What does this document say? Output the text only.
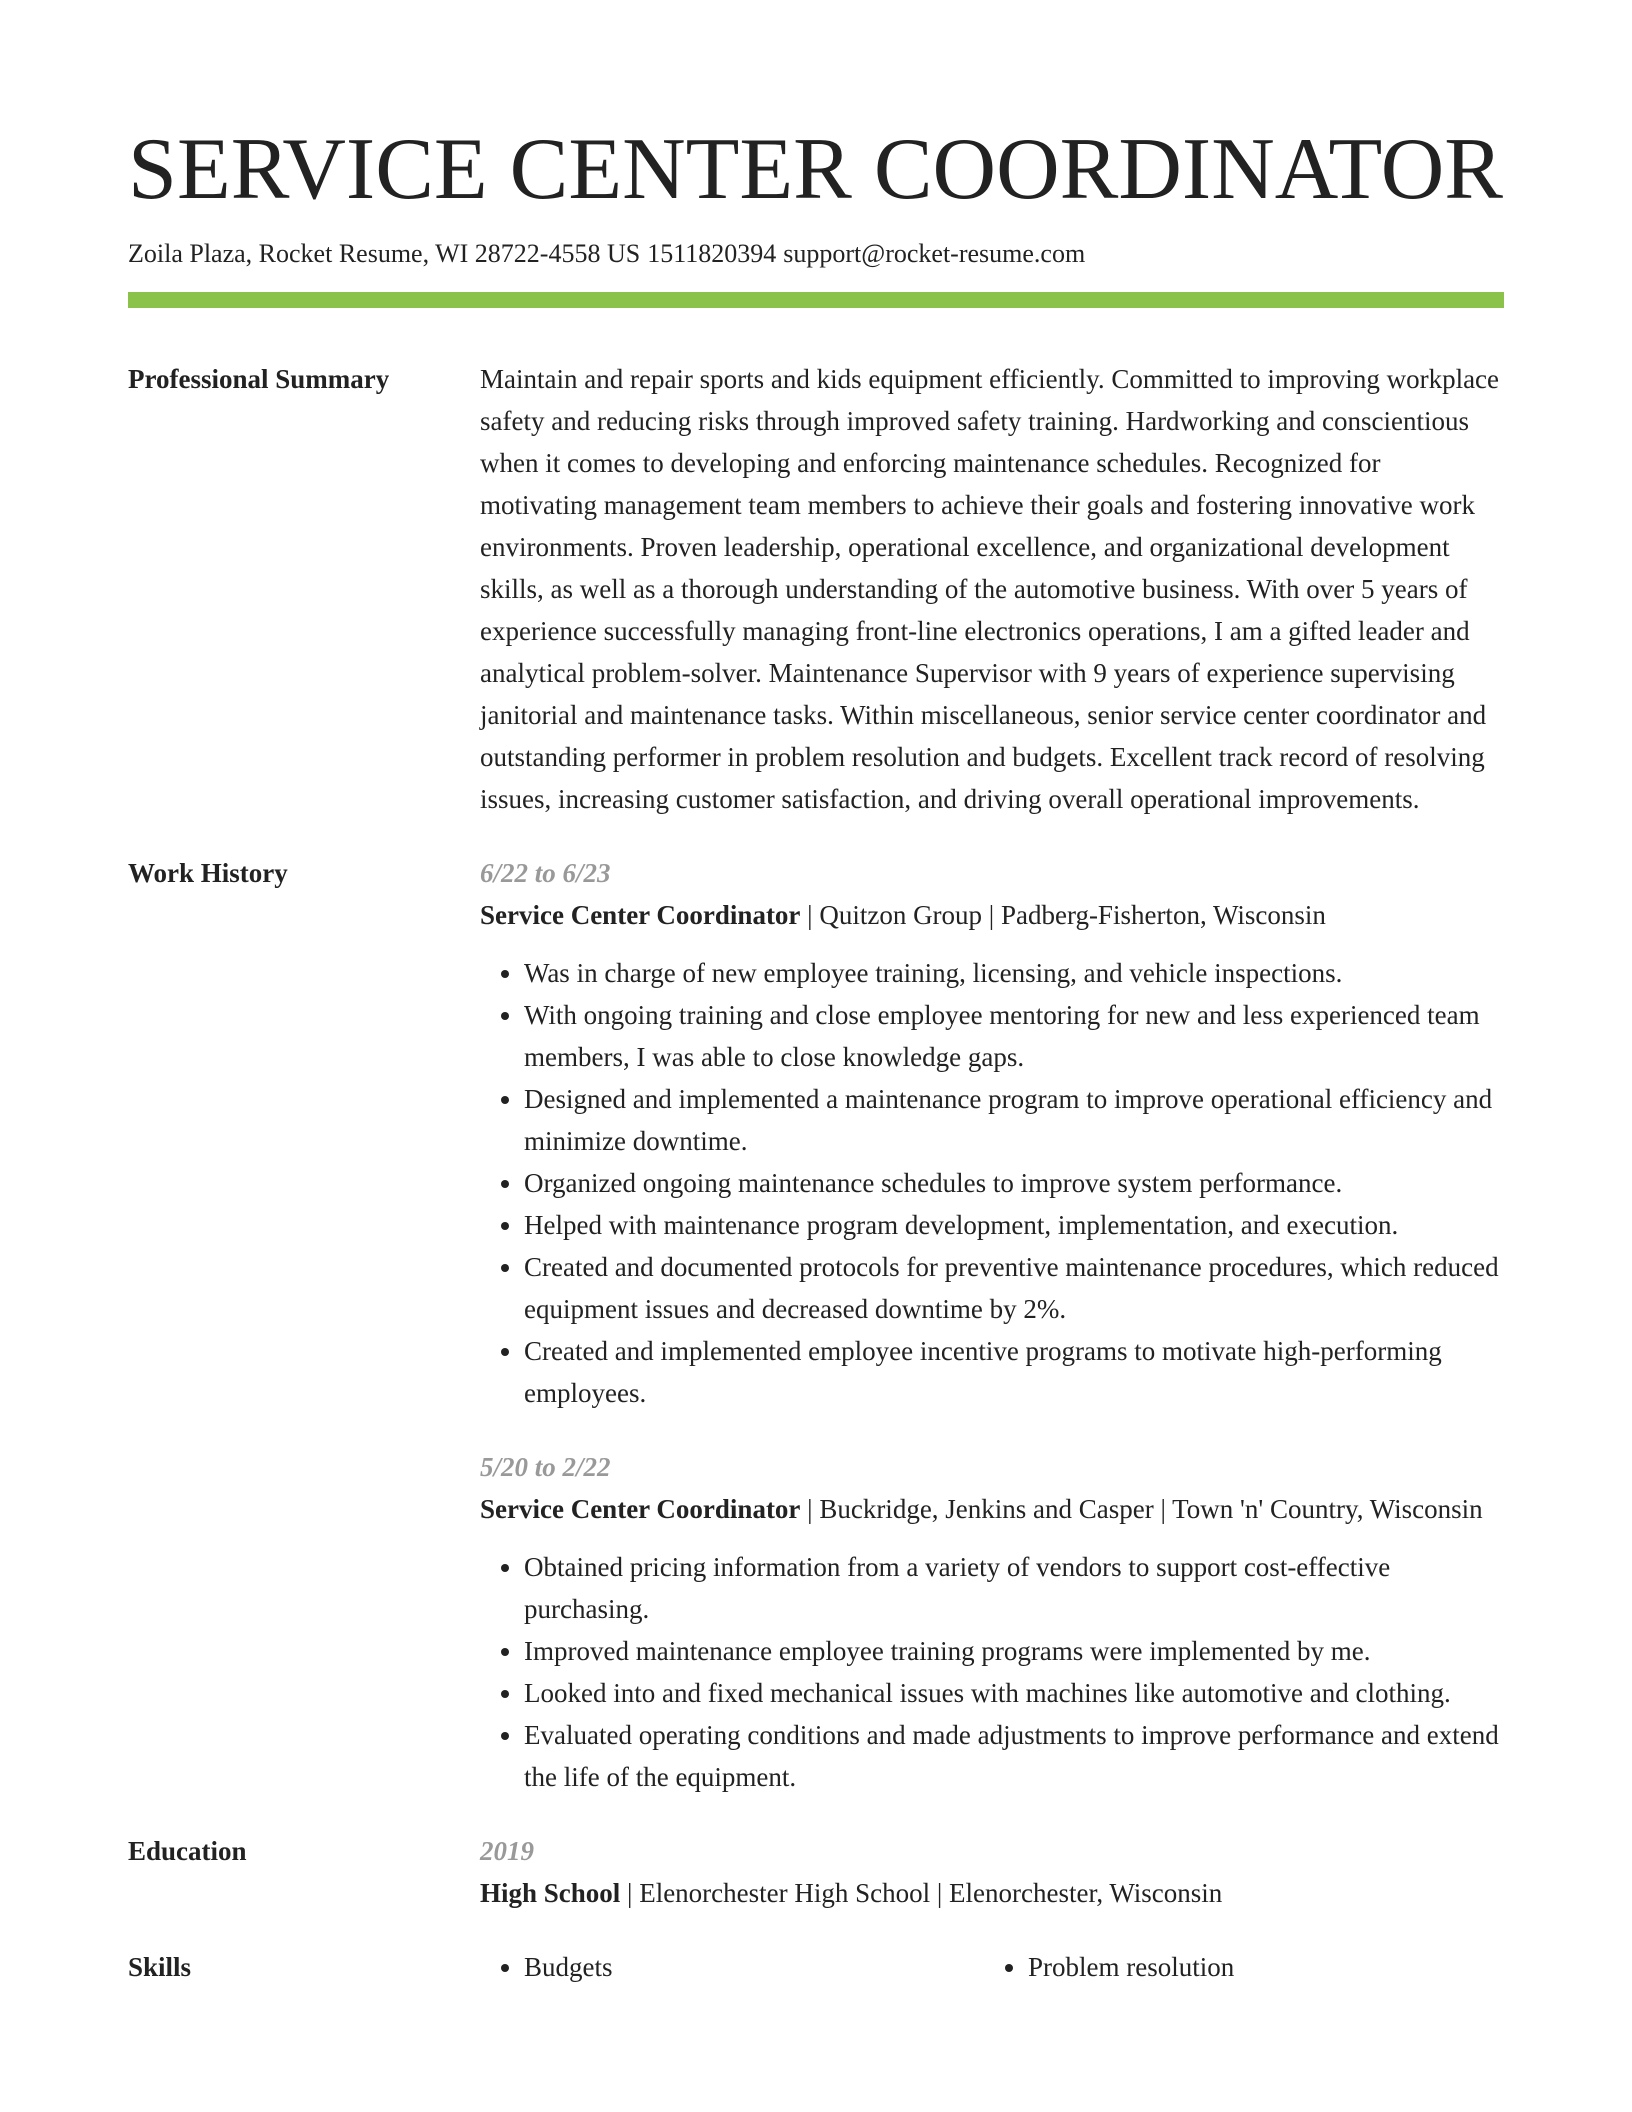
SERVICE CENTER COORDINATOR
Zoila Plaza, Rocket Resume, WI 28722-4558 US 1511820394 support@rocket-resume.com
Professional Summary	Maintain and repair sports and kids equipment efficiently. Committed to improving workplace safety and reducing risks through improved safety training. Hardworking and conscientious when it comes to developing and enforcing maintenance schedules. Recognized for motivating management team members to achieve their goals and fostering innovative work environments. Proven leadership, operational excellence, and organizational development skills, as well as a thorough understanding of the automotive business. With over 5 years of experience successfully managing front-line electronics operations, I am a gifted leader and analytical problem-solver. Maintenance Supervisor with 9 years of experience supervising janitorial and maintenance tasks. Within miscellaneous, senior service center coordinator and outstanding performer in problem resolution and budgets. Excellent track record of resolving issues, increasing customer satisfaction, and driving overall operational improvements.

Work History	6/22 to 6/23

Service Center Coordinator | Quitzon Group | Padberg-Fisherton, Wisconsin

• Was in charge of new employee training, licensing, and vehicle inspections.
• With ongoing training and close employee mentoring for new and less experienced team members, I was able to close knowledge gaps.
• Designed and implemented a maintenance program to improve operational efficiency and minimize downtime.
• Organized ongoing maintenance schedules to improve system performance.
• Helped with maintenance program development, implementation, and execution.
• Created and documented protocols for preventive maintenance procedures, which reduced equipment issues and decreased downtime by 2%.
• Created and implemented employee incentive programs to motivate high-performing employees.
5/20 to 2/22

Service Center Coordinator | Buckridge, Jenkins and Casper | Town 'n' Country, Wisconsin

• Obtained pricing information from a variety of vendors to support cost-effective purchasing.
• Improved maintenance employee training programs were implemented by me.
• Looked into and fixed mechanical issues with machines like automotive and clothing.
• Evaluated operating conditions and made adjustments to improve performance and extend the life of the equipment.
Education	2019

High School | Elenorchester High School | Elenorchester, Wisconsin

Skills	• Budgets	• Problem resolution
